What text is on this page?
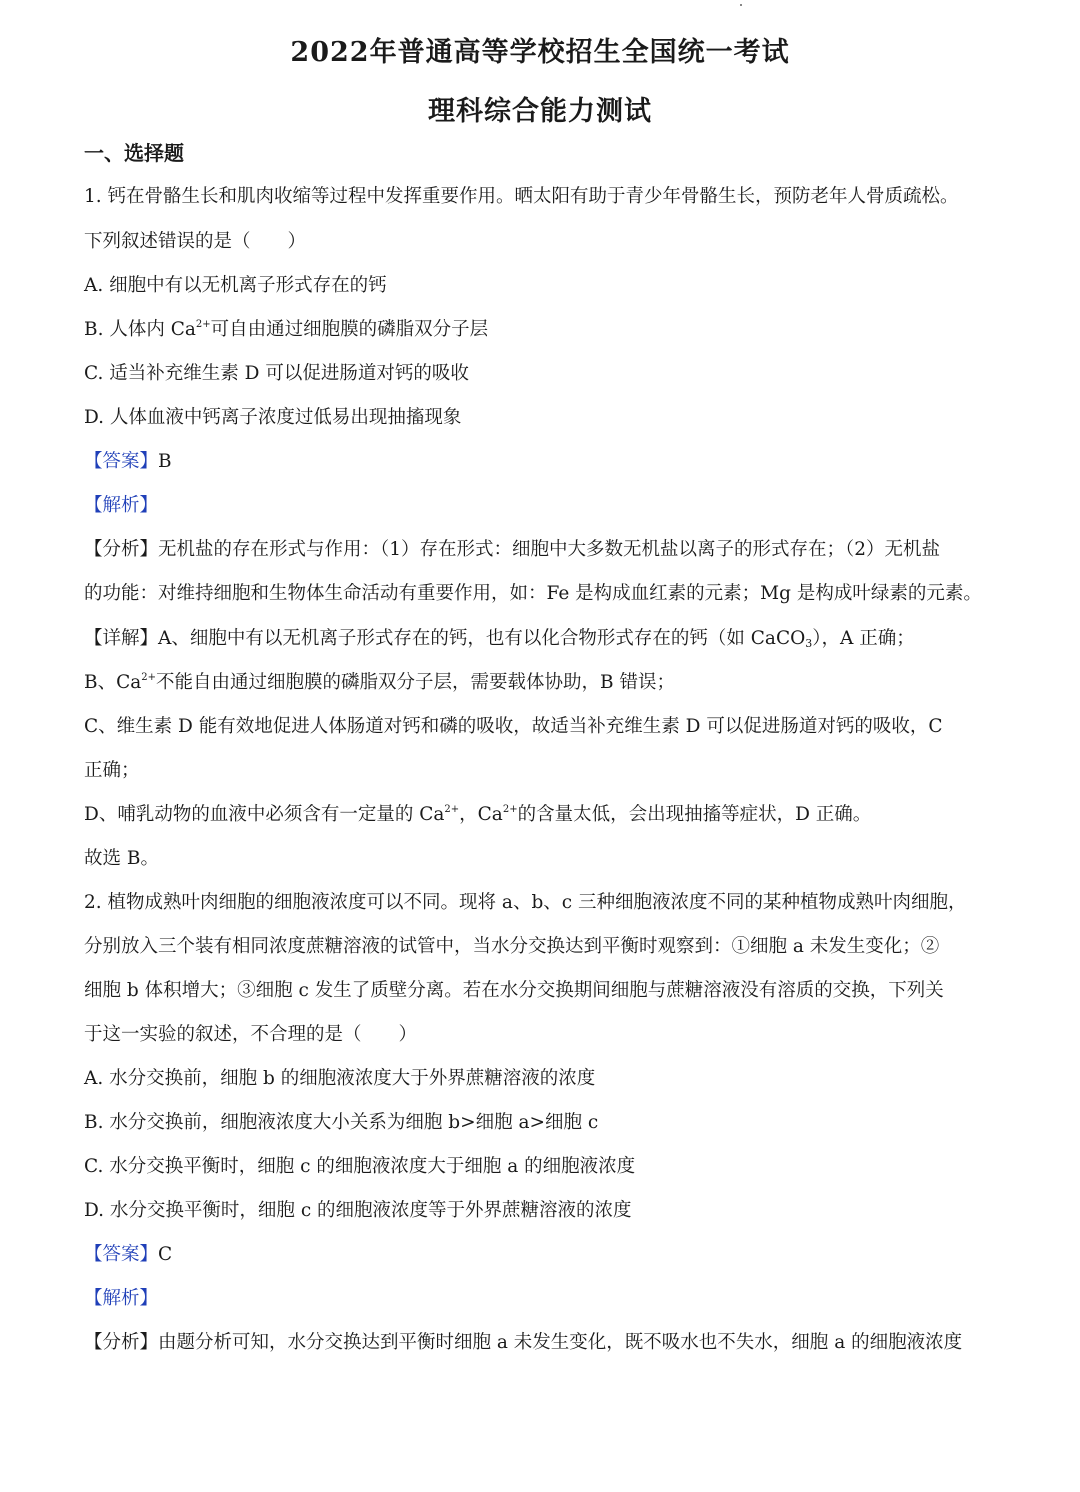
2022年普通高等学校招生全国统一考试
理科综合能力测试
一、选择题
1. 钙在骨骼生长和肌肉收缩等过程中发挥重要作用。晒太阳有助于青少年骨骼生长，预防老年人骨质疏松。
下列叙述错误的是（　　）
A. 细胞中有以无机离子形式存在的钙
B. 人体内 $Ca^{2+}$可自由通过细胞膜的磷脂双分子层
C. 适当补充维生素 D 可以促进肠道对钙的吸收
D. 人体血液中钙离子浓度过低易出现抽搐现象
【答案】B
【解析】
【分析】无机盐的存在形式与作用：（1）存在形式：细胞中大多数无机盐以离子的形式存在；（2）无机盐
的功能：对维持细胞和生物体生命活动有重要作用，如：Fe 是构成血红素的元素；Mg 是构成叶绿素的元素。
【详解】A、细胞中有以无机离子形式存在的钙，也有以化合物形式存在的钙（如 CaCO$_3$），A 正确；
B、$Ca^{2+}$不能自由通过细胞膜的磷脂双分子层，需要载体协助，B 错误；
C、维生素 D 能有效地促进人体肠道对钙和磷的吸收，故适当补充维生素 D 可以促进肠道对钙的吸收，C
正确；
D、哺乳动物的血液中必须含有一定量的 $Ca^{2+}$，$Ca^{2+}$的含量太低，会出现抽搐等症状，D 正确。
故选 B。
2. 植物成熟叶肉细胞的细胞液浓度可以不同。现将 a、b、c 三种细胞液浓度不同的某种植物成熟叶肉细胞，
分别放入三个装有相同浓度蔗糖溶液的试管中，当水分交换达到平衡时观察到：①细胞 a 未发生变化；②
细胞 b 体积增大；③细胞 c 发生了质壁分离。若在水分交换期间细胞与蔗糖溶液没有溶质的交换，下列关
于这一实验的叙述，不合理的是（　　）
A. 水分交换前，细胞 b 的细胞液浓度大于外界蔗糖溶液的浓度
B. 水分交换前，细胞液浓度大小关系为细胞 b>细胞 a>细胞 c
C. 水分交换平衡时，细胞 c 的细胞液浓度大于细胞 a 的细胞液浓度
D. 水分交换平衡时，细胞 c 的细胞液浓度等于外界蔗糖溶液的浓度
【答案】C
【解析】
【分析】由题分析可知，水分交换达到平衡时细胞 a 未发生变化，既不吸水也不失水，细胞 a 的细胞液浓度
